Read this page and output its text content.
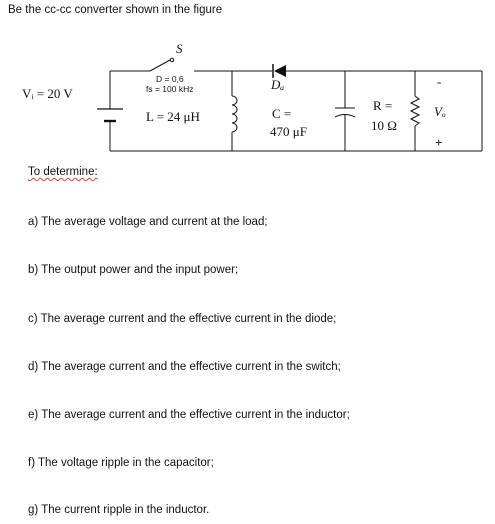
Be the cc-cc converter shown in the figure
S
D = 0,6
fs = 100 kHz
Vᵢ = 20 V
L = 24 μH
Dₐ
C =
470 μF
R =
10 Ω
Vₒ
-
+
To determine:
a) The average voltage and current at the load;
b) The output power and the input power;
c) The average current and the effective current in the diode;
d) The average current and the effective current in the switch;
e) The average current and the effective current in the inductor;
f) The voltage ripple in the capacitor;
g) The current ripple in the inductor.
